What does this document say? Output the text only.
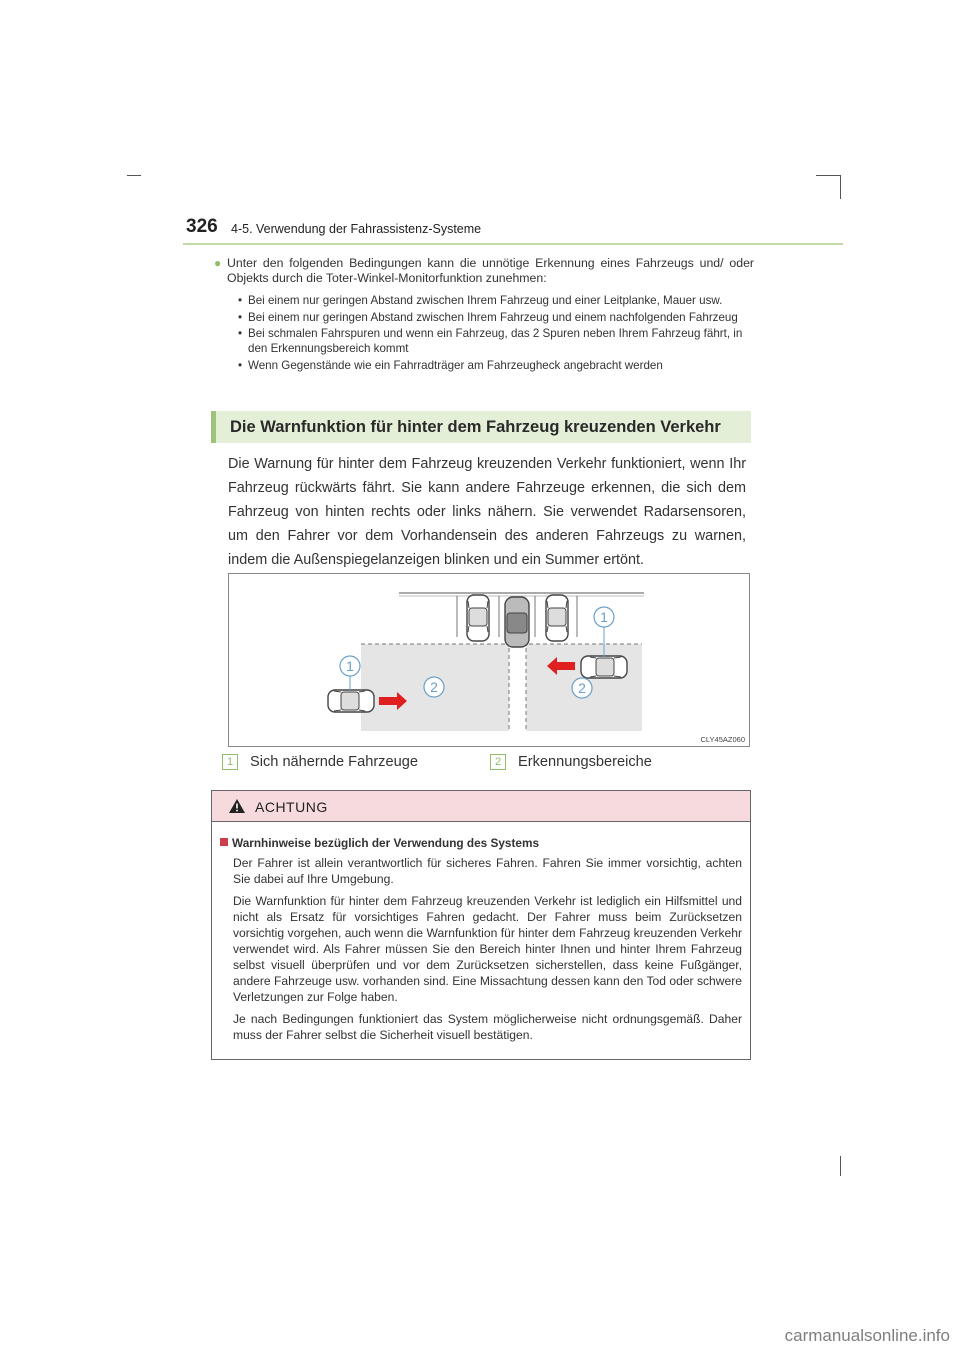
326 4-5. Verwendung der Fahrassistenz-Systeme
● Unter den folgenden Bedingungen kann die unnötige Erkennung eines Fahrzeugs und/ oder Objekts durch die Toter-Winkel-Monitorfunktion zunehmen:
• Bei einem nur geringen Abstand zwischen Ihrem Fahrzeug und einer Leitplanke, Mauer usw.
• Bei einem nur geringen Abstand zwischen Ihrem Fahrzeug und einem nachfolgenden Fahrzeug
• Bei schmalen Fahrspuren und wenn ein Fahrzeug, das 2 Spuren neben Ihrem Fahrzeug fährt, in den Erkennungsbereich kommt
• Wenn Gegenstände wie ein Fahrradträger am Fahrzeugheck angebracht werden
Die Warnfunktion für hinter dem Fahrzeug kreuzenden Verkehr
Die Warnung für hinter dem Fahrzeug kreuzenden Verkehr funktioniert, wenn Ihr Fahrzeug rückwärts fährt. Sie kann andere Fahrzeuge erkennen, die sich dem Fahrzeug von hinten rechts oder links nähern. Sie verwendet Radarsensoren, um den Fahrer vor dem Vorhandensein des anderen Fahrzeugs zu warnen, indem die Außenspiegelanzeigen blinken und ein Summer ertönt.
1
1
2	2
CLY45AZ060
1 Sich nähernde Fahrzeuge	2 Erkennungsbereiche
ACHTUNG
Warnhinweise bezüglich der Verwendung des Systems

Der Fahrer ist allein verantwortlich für sicheres Fahren. Fahren Sie immer vorsichtig, achten Sie dabei auf Ihre Umgebung.

Die Warnfunktion für hinter dem Fahrzeug kreuzenden Verkehr ist lediglich ein Hilfsmittel und nicht als Ersatz für vorsichtiges Fahren gedacht. Der Fahrer muss beim Zurücksetzen vorsichtig vorgehen, auch wenn die Warnfunktion für hinter dem Fahrzeug kreuzenden Verkehr verwendet wird. Als Fahrer müssen Sie den Bereich hinter Ihnen und hinter Ihrem Fahrzeug selbst visuell überprüfen und vor dem Zurücksetzen sicherstellen, dass keine Fußgänger, andere Fahrzeuge usw. vorhanden sind. Eine Missachtung dessen kann den Tod oder schwere Verletzungen zur Folge haben.

Je nach Bedingungen funktioniert das System möglicherweise nicht ordnungsgemäß. Daher muss der Fahrer selbst die Sicherheit visuell bestätigen.

carmanualsonline.info
